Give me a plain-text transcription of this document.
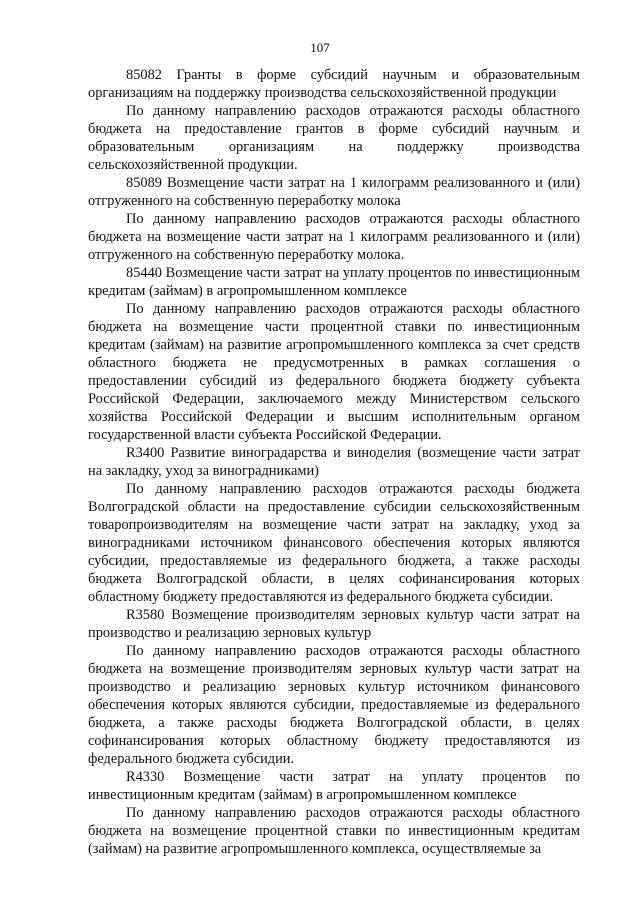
107

85082 Гранты в форме субсидий научным и образовательным организациям на поддержку производства сельскохозяйственной продукции

По данному направлению расходов отражаются расходы областного бюджета на предоставление грантов в форме субсидий научным и образовательным организациям на поддержку производства сельскохозяйственной продукции.

85089 Возмещение части затрат на 1 килограмм реализованного и (или) отгруженного на собственную переработку молока

По данному направлению расходов отражаются расходы областного бюджета на возмещение части затрат на 1 килограмм реализованного и (или) отгруженного на собственную переработку молока.

85440 Возмещение части затрат на уплату процентов по инвестиционным кредитам (займам) в агропромышленном комплексе

По данному направлению расходов отражаются расходы областного бюджета на возмещение части процентной ставки по инвестиционным кредитам (займам) на развитие агропромышленного комплекса за счет средств областного бюджета не предусмотренных в рамках соглашения о предоставлении субсидий из федерального бюджета бюджету субъекта Российской Федерации, заключаемого между Министерством сельского хозяйства Российской Федерации и высшим исполнительным органом государственной власти субъекта Российской Федерации.

R3400 Развитие виноградарства и виноделия (возмещение части затрат на закладку, уход за виноградниками)

По данному направлению расходов отражаются расходы бюджета Волгоградской области на предоставление субсидии сельскохозяйственным товаропроизводителям на возмещение части затрат на закладку, уход за виноградниками источником финансового обеспечения которых являются субсидии, предоставляемые из федерального бюджета, а также расходы бюджета Волгоградской области, в целях софинансирования которых областному бюджету предоставляются из федерального бюджета субсидии.

R3580 Возмещение производителям зерновых культур части затрат на производство и реализацию зерновых культур

По данному направлению расходов отражаются расходы областного бюджета на возмещение производителям зерновых культур части затрат на производство и реализацию зерновых культур источником финансового обеспечения которых являются субсидии, предоставляемые из федерального бюджета, а также расходы бюджета Волгоградской области, в целях софинансирования которых областному бюджету предоставляются из федерального бюджета субсидии.

R4330 Возмещение части затрат на уплату процентов по инвестиционным кредитам (займам) в агропромышленном комплексе

По данному направлению расходов отражаются расходы областного бюджета на возмещение процентной ставки по инвестиционным кредитам (займам) на развитие агропромышленного комплекса, осуществляемые за
